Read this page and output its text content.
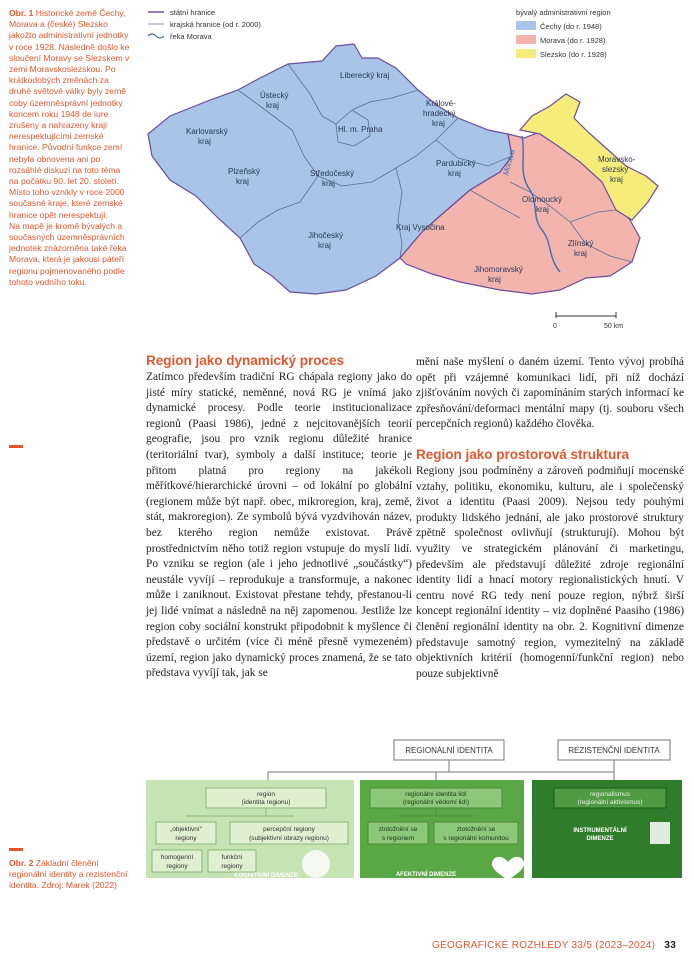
Obr. 1 Historické země Čechy, Morava a (české) Slezsko jakožto administrativní jednotky v roce 1928. Následně došlo ke sloučení Moravy se Slezskem v zemi Moravskoslezskou. Po krátkodobých změnách za druhé světové války byly země coby územněsprávní jednotky koncem roku 1948 de iure zrušeny a nahrazeny kraji nerespektujícími zemské hranice. Původní funkce zemí nebyla obnovena ani po rozsáhlé diskuzi na toto téma na počátku 90. let 20. století. Místo toho vznikly v roce 2000 současné kraje, které zemské hranice opět nerespektují.
Na mapě je kromě bývalých a současných územněsprávních jednotek znázorněna také řeka Morava, která je jakousi páteří regionu pojmenovaného podle tohoto vodního toku.

Morava
Liberecký kraj
Ústecký kraj	Králové-hradecký kraj
Karlovarský kraj
Hl. m. Praha
Středočeský kraj
Pardubický kraj
Moravsko-slezský kraj
Plzeňský kraj
Olomoucký kraj
Kraj Vysočina
Zlínský kraj
Jihočeský kraj
Jihomoravský kraj
státní hranice
krajská hranice (od r. 2000)
řeka Morava
bývalý administrativní region
Čechy (do r. 1948)
Morava (do r. 1928)
Slezsko (do r. 1928)
0	50 km
Region jako dynamický proces
Zatímco především tradiční RG chápala regiony jako do jisté míry statické, neměnné, nová RG je vnímá jako dynamické procesy. Podle teorie institucionalizace regionů (Paasi 1986), jedné z nejcitovanějších teorií geografie, jsou pro vznik regionu důležité hranice (teritoriální tvar), symboly a další instituce; teorie je přitom platná pro regiony na jakékoli měřítkové/hierarchické úrovni – od lokální po globální (regionem může být např. obec, mikroregion, kraj, země, stát, makroregion). Ze symbolů bývá vyzdvihován název, bez kterého region nemůže existovat. Právě prostřednictvím něho totiž region vstupuje do myslí lidí. Po vzniku se region (ale i jeho jednotlivé „součástky“) neustále vyvíjí – reprodukuje a transformuje, a nakonec může i zaniknout. Existovat přestane tehdy, přestanou-li jej lidé vnímat a následně na něj zapomenou. Jestliže lze region coby sociální konstrukt připodobnit k myšlence či představě o určitém (více či méně přesně vymezeném) území, region jako dynamický proces znamená, že se tato představa vyvíjí tak, jak se
mění naše myšlení o daném území. Tento vývoj probíhá opět při vzájemné komunikaci lidí, při níž dochází zjišťováním nových či zapomínáním starých informací ke zpřesňování/deformaci mentální mapy (tj. souboru všech percepčních regionů) každého člověka.
Region jako prostorová struktura
Regiony jsou podmíněny a zároveň podmiňují mocenské vztahy, politiku, ekonomiku, kulturu, ale i společenský život a identitu (Paasi 2009). Nejsou tedy pouhými produkty lidského jednání, ale jako prostorové struktury zpětně společnost ovlivňují (strukturují). Mohou být využity ve strategickém plánování či marketingu, především ale představují důležité zdroje regionální identity lidí a hnací motory regionalistických hnutí. V centru nové RG tedy není pouze region, nýbrž širší koncept regionální identity – viz doplněné Paasiho (1986) členění regionální identity na obr. 2. Kognitivní dimenze představuje samotný region, vymezitelný na základě objektivních kritérií (homogenní/funkční region) nebo pouze subjektivně
REGIONÁLNÍ IDENTITA	REZISTENČNÍ IDENTITA
region (identita regionu)
„objektivní“ regiony
percepční regiony (subjektivní obrazy regionu)
homogenní regiony
funkční regiony
KOGNITIVNÍ DIMENZE
regionální identita lidí (regionální vědomí lidí)
ztotožnění se s regionem
ztotožnění se s regionální komunitou
AFEKTIVNÍ DIMENZE
regionalismus (regionální aktivismus)
INSTRUMENTÁLNÍ DIMENZE
Obr. 2 Základní členění regionální identity a rezistenční identita. Zdroj: Marek (2022)
GEOGRAFICKÉ ROZHLEDY 33/5 (2023–2024) 33
